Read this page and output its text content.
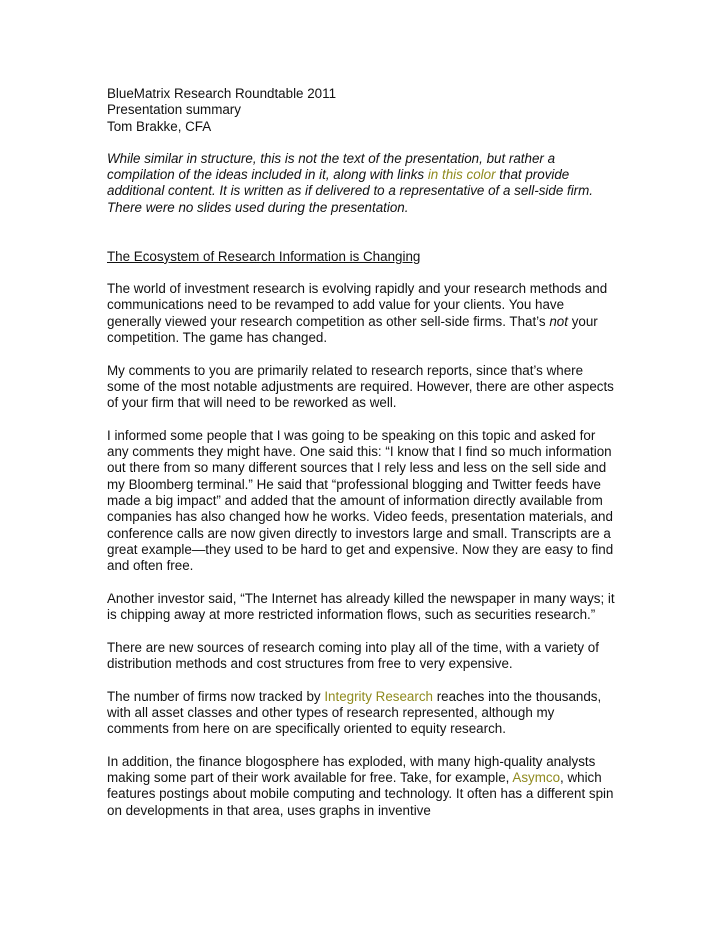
BlueMatrix Research Roundtable 2011
Presentation summary
Tom Brakke, CFA
While similar in structure, this is not the text of the presentation, but rather a compilation of the ideas included in it, along with links in this color that provide additional content. It is written as if delivered to a representative of a sell-side firm. There were no slides used during the presentation.
The Ecosystem of Research Information is Changing

The world of investment research is evolving rapidly and your research methods and communications need to be revamped to add value for your clients. You have generally viewed your research competition as other sell-side firms. That’s not your competition. The game has changed.

My comments to you are primarily related to research reports, since that’s where some of the most notable adjustments are required. However, there are other aspects of your firm that will need to be reworked as well.

I informed some people that I was going to be speaking on this topic and asked for any comments they might have. One said this: “I know that I find so much information out there from so many different sources that I rely less and less on the sell side and my Bloomberg terminal.” He said that “professional blogging and Twitter feeds have made a big impact” and added that the amount of information directly available from companies has also changed how he works. Video feeds, presentation materials, and conference calls are now given directly to investors large and small. Transcripts are a great example—they used to be hard to get and expensive. Now they are easy to find and often free.

Another investor said, “The Internet has already killed the newspaper in many ways; it is chipping away at more restricted information flows, such as securities research.”

There are new sources of research coming into play all of the time, with a variety of distribution methods and cost structures from free to very expensive.

The number of firms now tracked by Integrity Research reaches into the thousands, with all asset classes and other types of research represented, although my comments from here on are specifically oriented to equity research.

In addition, the finance blogosphere has exploded, with many high-quality analysts making some part of their work available for free. Take, for example, Asymco, which features postings about mobile computing and technology. It often has a different spin on developments in that area, uses graphs in inventive
